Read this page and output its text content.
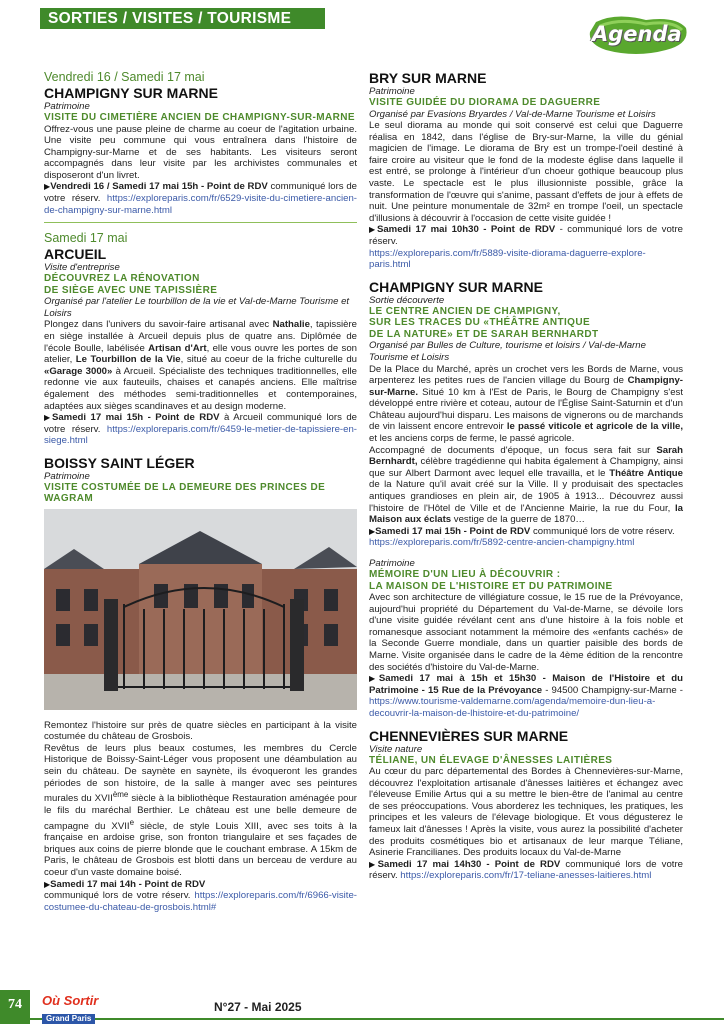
SORTIES / VISITES / TOURISME
Agenda
Vendredi 16 / Samedi 17 mai
CHAMPIGNY SUR MARNE
Patrimoine
VISITE DU CIMETIÈRE ANCIEN DE CHAMPIGNY-SUR-MARNE

Offrez-vous une pause pleine de charme au coeur de l'agitation urbaine. Une visite peu commune qui vous entraînera dans l'histoire de Champigny-sur-Marne et de ses habitants. Les visiteurs seront accompagnés dans leur visite par les archivistes communales et disposeront d'un livret.

▶Vendredi 16 / Samedi 17 mai 15h - Point de RDV communiqué lors de votre réserv. https://exploreparis.com/fr/6529-visite-du-cimetiere-ancien-de-champigny-sur-marne.html

Samedi 17 mai
ARCUEIL
Visite d'entreprise
DÉCOUVREZ LA RÉNOVATION
DE SIÈGE AVEC UNE TAPISSIÈRE
Organisé par l'atelier Le tourbillon de la vie et Val-de-Marne Tourisme et Loisirs

Plongez dans l'univers du savoir-faire artisanal avec Nathalie, tapissière en siège installée à Arcueil depuis plus de quatre ans. Diplômée de l'école Boulle, labélisée Artisan d'Art, elle vous ouvre les portes de son atelier, Le Tourbillon de la Vie, situé au coeur de la friche culturelle du «Garage 3000» à Arcueil. Spécialiste des techniques traditionnelles, elle redonne vie aux fauteuils, chaises et canapés anciens. Elle maîtrise également des méthodes semi-traditionnelles et contemporaines, adaptées aux sièges scandinaves et au design moderne.

▶Samedi 17 mai 15h - Point de RDV à Arcueil communiqué lors de votre réserv. https://exploreparis.com/fr/6459-le-metier-de-tapissiere-en-siege.html

BOISSY SAINT LÉGER
Patrimoine
VISITE COSTUMÉE DE LA DEMEURE DES PRINCES DE WAGRAM

Remontez l'histoire sur près de quatre siècles en participant à la visite costumée du château de Grosbois.

Revêtus de leurs plus beaux costumes, les membres du Cercle Historique de Boissy-Saint-Léger vous proposent une déambulation au sein du château. De saynète en saynète, ils évoqueront les grandes périodes de son histoire, de la salle à manger avec ses peintures murales du XVIIème siècle à la bibliothèque Restauration aménagée pour le fils du maréchal Berthier. Le château est une belle demeure de campagne du XVIIe siècle, de style Louis XIII, avec ses toits à la française en ardoise grise, son fronton triangulaire et ses façades de briques aux coins de pierre blonde que le couchant embrase. A 15km de Paris, le château de Grosbois est blotti dans un berceau de verdure au coeur d'un vaste domaine boisé.

▶Samedi 17 mai 14h - Point de RDV
communiqué lors de votre réserv. https://exploreparis.com/fr/6966-visite-costumee-du-chateau-de-grosbois.html#

BRY SUR MARNE
Patrimoine
VISITE GUIDÉE DU DIORAMA DE DAGUERRE
Organisé par Evasions Bryardes / Val-de-Marne Tourisme et Loisirs

Le seul diorama au monde qui soit conservé est celui que Daguerre réalisa en 1842, dans l'église de Bry-sur-Marne, la ville du génial magicien de l'image. Le diorama de Bry est un trompe-l'oeil destiné à faire croire au visiteur que le fond de la modeste église dans laquelle il est entré, se prolonge à l'intérieur d'un choeur gothique beaucoup plus vaste. Le spectacle est le plus illusionniste possible, grâce la transformation de l'œuvre qui s'anime, passant d'effets de jour à effets de nuit. Une peinture monumentale de 32m² en trompe l'oeil, un spectacle d'illusions à découvrir à l'occasion de cette visite guidée !

▶Samedi 17 mai 10h30 - Point de RDV - communiqué lors de votre réserv.
https://exploreparis.com/fr/5889-visite-diorama-daguerre-explore-paris.html

CHAMPIGNY SUR MARNE
Sortie découverte
LE CENTRE ANCIEN DE CHAMPIGNY,
SUR LES TRACES DU «THÉÂTRE ANTIQUE
DE LA NATURE» ET DE SARAH BERNHARDT
Organisé par Bulles de Culture, tourisme et loisirs / Val-de-Marne Tourisme et Loisirs

De la Place du Marché, après un crochet vers les Bords de Marne, vous arpenterez les petites rues de l'ancien village du Bourg de Champigny-sur-Marne. Situé 10 km à l'Est de Paris, le Bourg de Champigny s'est développé entre rivière et coteau, autour de l'Église Saint-Saturnin et d'un Château aujourd'hui disparu. Les maisons de vignerons ou de marchands de vin laissent encore entrevoir le passé viticole et agricole de la ville, et les anciens corps de ferme, le passé agricole.

Accompagné de documents d'époque, un focus sera fait sur Sarah Bernhardt, célèbre tragédienne qui habita également à Champigny, ainsi que sur Albert Darmont avec lequel elle travailla, et le Théâtre Antique de la Nature qu'il avait créé sur la Ville. Il y produisait des spectacles antiques grandioses en plein air, de 1905 à 1913... Découvrez aussi l'histoire de l'Hôtel de Ville et de l'Ancienne Mairie, la rue du Four, la Maison aux éclats vestige de la guerre de 1870…

▶Samedi 17 mai 15h - Point de RDV communiqué lors de votre réserv.
https://exploreparis.com/fr/5892-centre-ancien-champigny.html

Patrimoine
MÉMOIRE D'UN LIEU À DÉCOUVRIR :
LA MAISON DE L'HISTOIRE ET DU PATRIMOINE

Avec son architecture de villégiature cossue, le 15 rue de la Prévoyance, aujourd'hui propriété du Département du Val-de-Marne, se dévoile lors d'une visite guidée révélant cent ans d'une histoire à la fois noble et romanesque associant notamment la mémoire des «enfants cachés» de la Seconde Guerre mondiale, dans un quartier paisible des bords de Marne. Visite organisée dans le cadre de la 4ème édition de la rencontre des sociétés d'histoire du Val-de-Marne.

▶Samedi 17 mai à 15h et 15h30 - Maison de l'Histoire et du Patrimoine - 15 Rue de la Prévoyance - 94500 Champigny-sur-Marne - https://www.tourisme-valdemarne.com/agenda/memoire-dun-lieu-a-decouvrir-la-maison-de-lhistoire-et-du-patrimoine/

CHENNEVIÈRES SUR MARNE
Visite nature
TÉLIANE, UN ÉLEVAGE D'ÂNESSES LAITIÈRES

Au cœur du parc départemental des Bordes à Chennevières-sur-Marne, découvrez l'exploitation artisanale d'ânesses laitières et échangez avec l'éleveuse Emilie Artus qui a su mettre le bien-être de l'animal au centre de ses préoccupations. Vous aborderez les techniques, les pratiques, les principes et les valeurs de l'élevage biologique. Et vous dégusterez le fameux lait d'ânesses ! Après la visite, vous aurez la possibilité d'acheter des produits cosmétiques bio et artisanaux de leur marque Téliane, Asinerie Francilianes. Des produits locaux du Val-de-Marne

▶Samedi 17 mai 14h30 - Point de RDV communiqué lors de votre réserv. https://exploreparis.com/fr/17-teliane-anesses-laitieres.html

74	Où Sortir
Grand Paris
N°27 - Mai 2025
